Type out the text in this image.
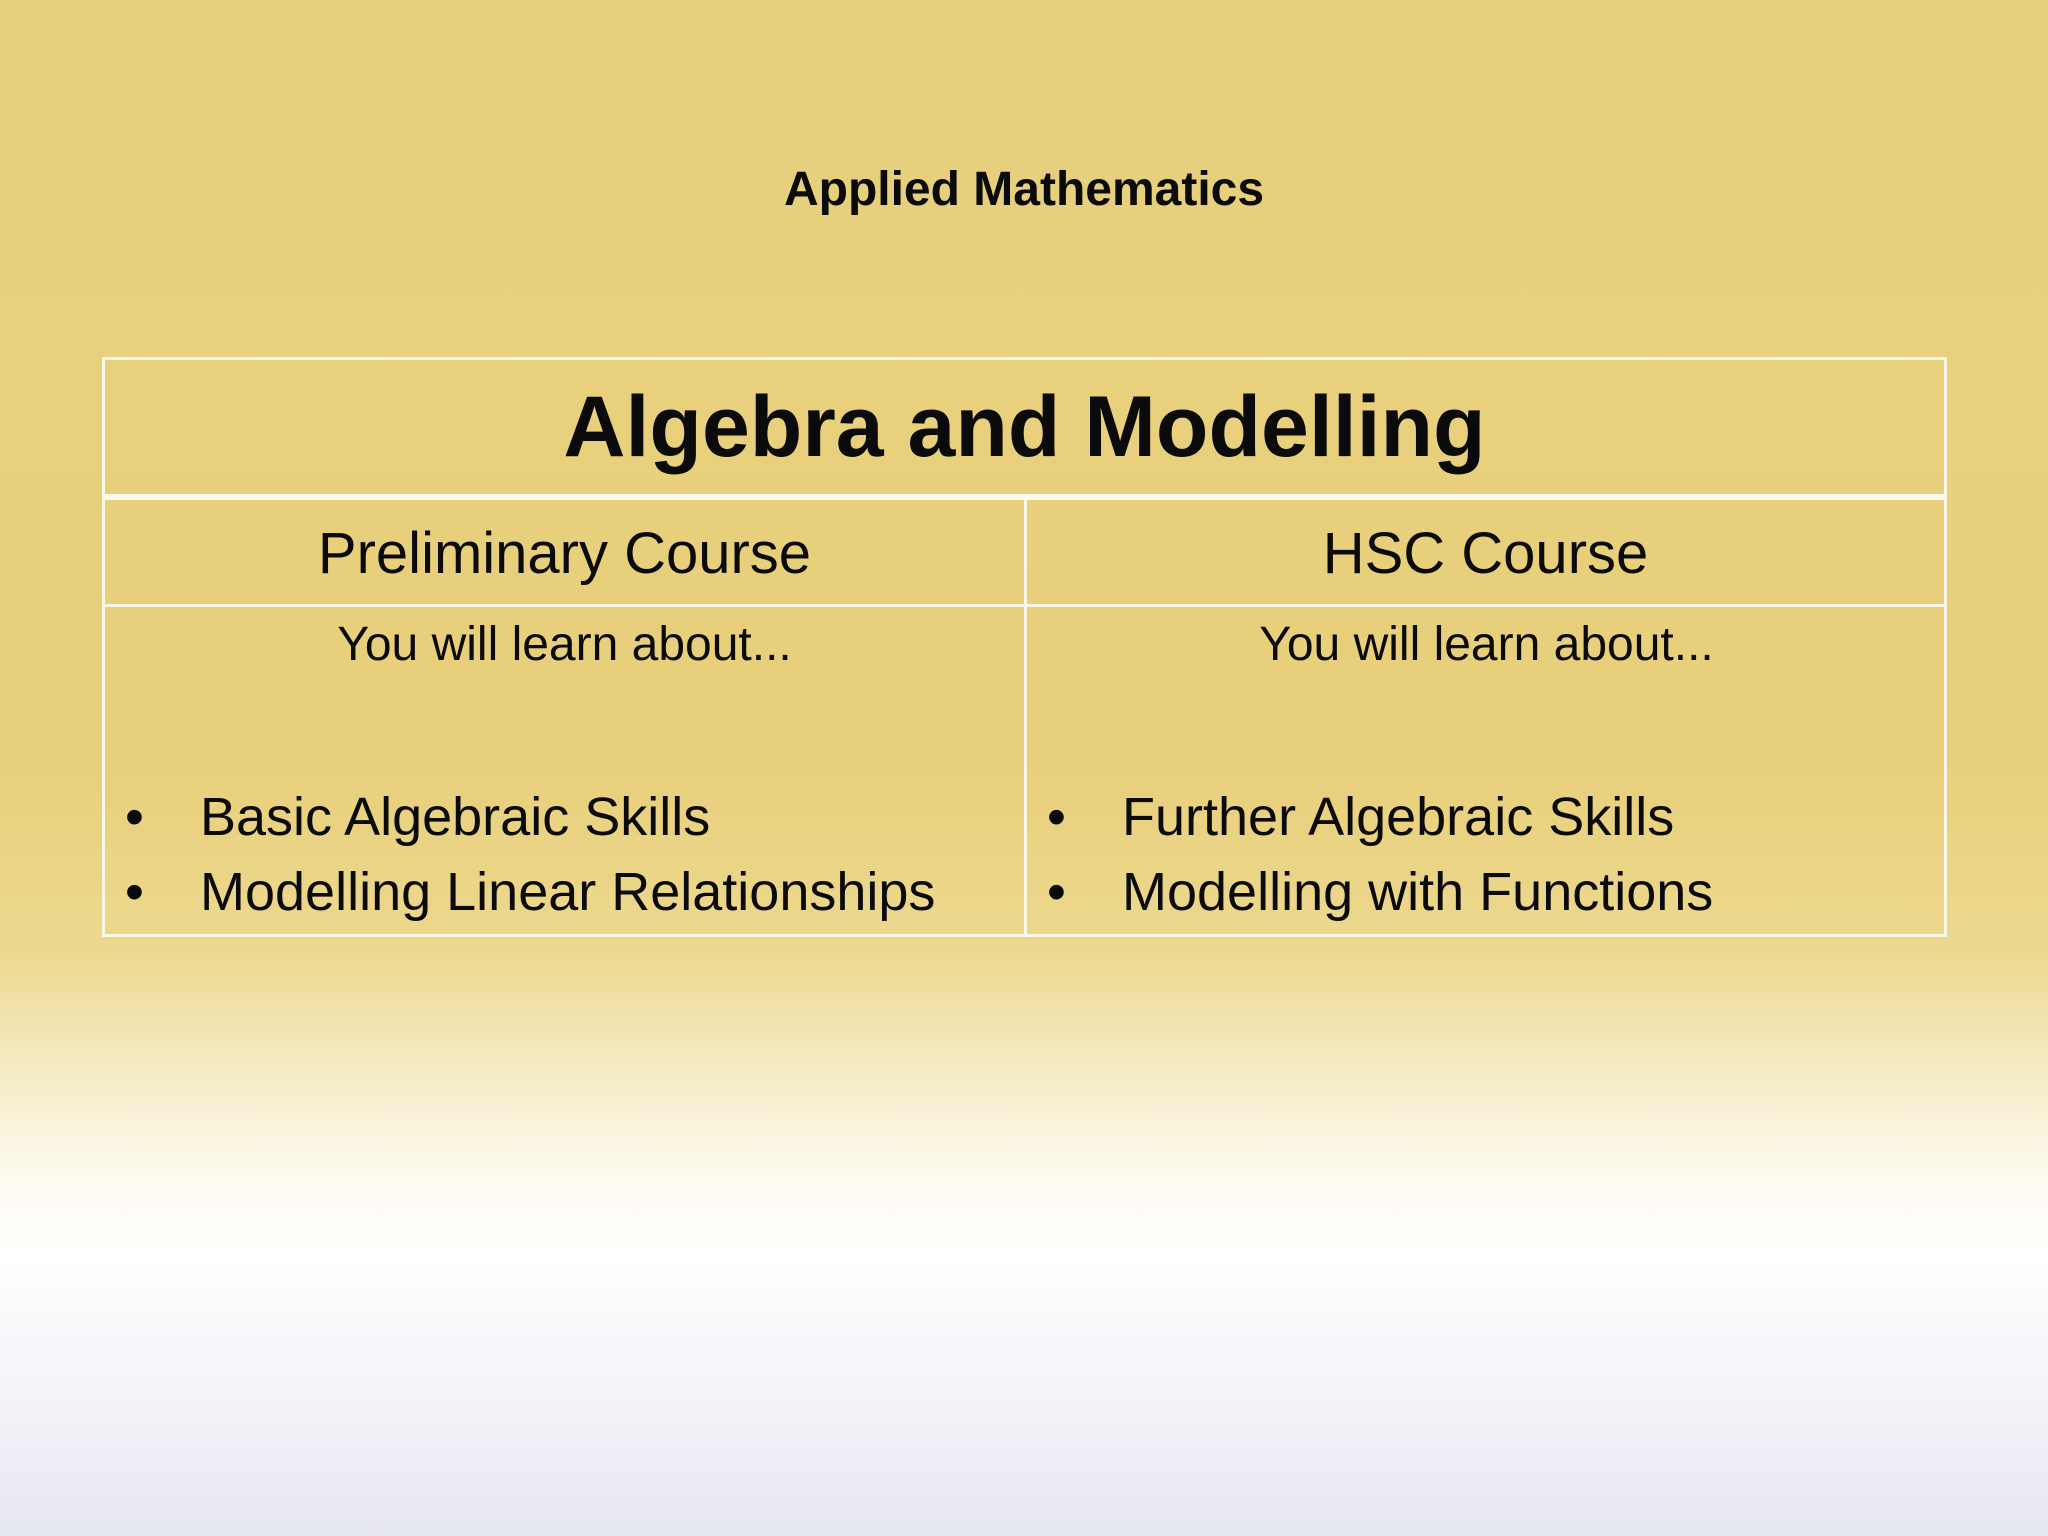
Applied Mathematics
Algebra and Modelling
Preliminary Course	HSC Course
You will learn about...	You will learn about...
• Basic Algebraic Skills
• Modelling Linear Relationships
• Further Algebraic Skills
• Modelling with Functions
